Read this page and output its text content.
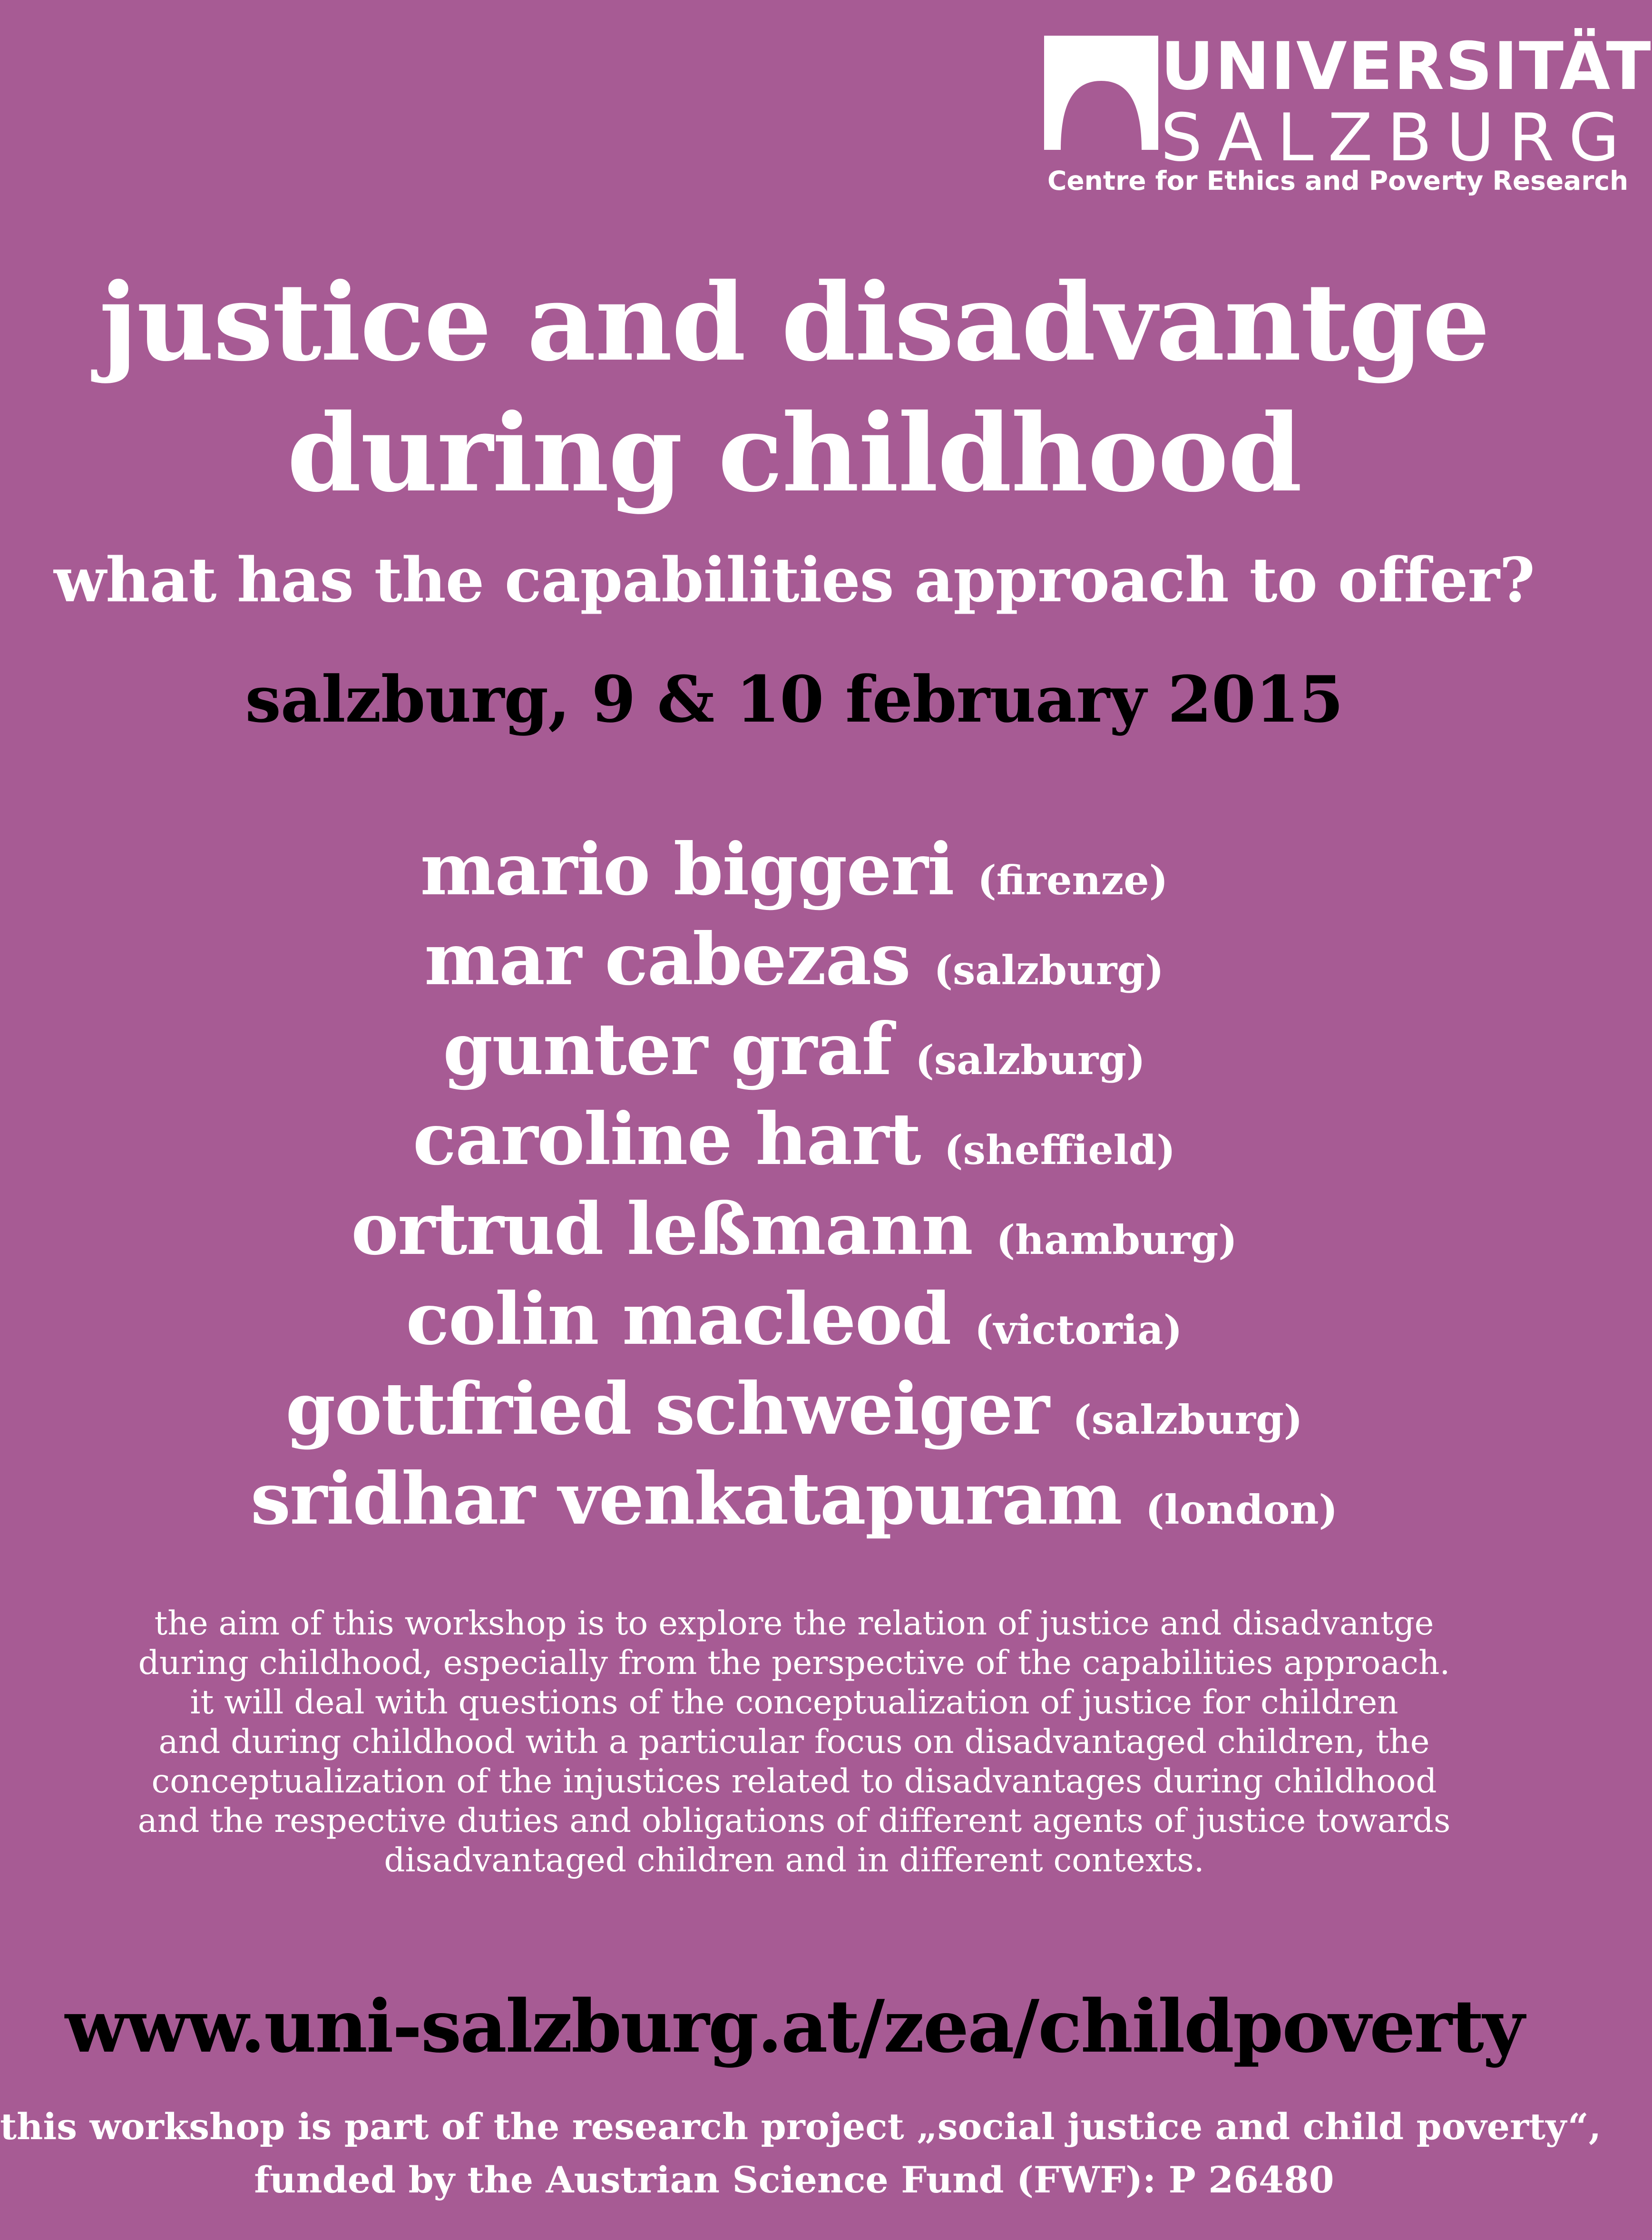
UNIVERSITÄT
SALZBURG
Centre for Ethics and Poverty Research
justice and disadvantge
during childhood
what has the capabilities approach to offer?
salzburg, 9 & 10 february 2015
mario biggeri (firenze)
mar cabezas (salzburg)
gunter graf (salzburg)
caroline hart (sheffield)
ortrud leßmann (hamburg)
colin macleod (victoria)
gottfried schweiger (salzburg)
sridhar venkatapuram (london)
the aim of this workshop is to explore the relation of justice and disadvantge
during childhood, especially from the perspective of the capabilities approach.
it will deal with questions of the conceptualization of justice for children
and during childhood with a particular focus on disadvantaged children, the
conceptualization of the injustices related to disadvantages during childhood
and the respective duties and obligations of different agents of justice towards
disadvantaged children and in different contexts.
www.uni-salzburg.at/zea/childpoverty
this workshop is part of the research project „social justice and child poverty“,
funded by the Austrian Science Fund (FWF): P 26480
